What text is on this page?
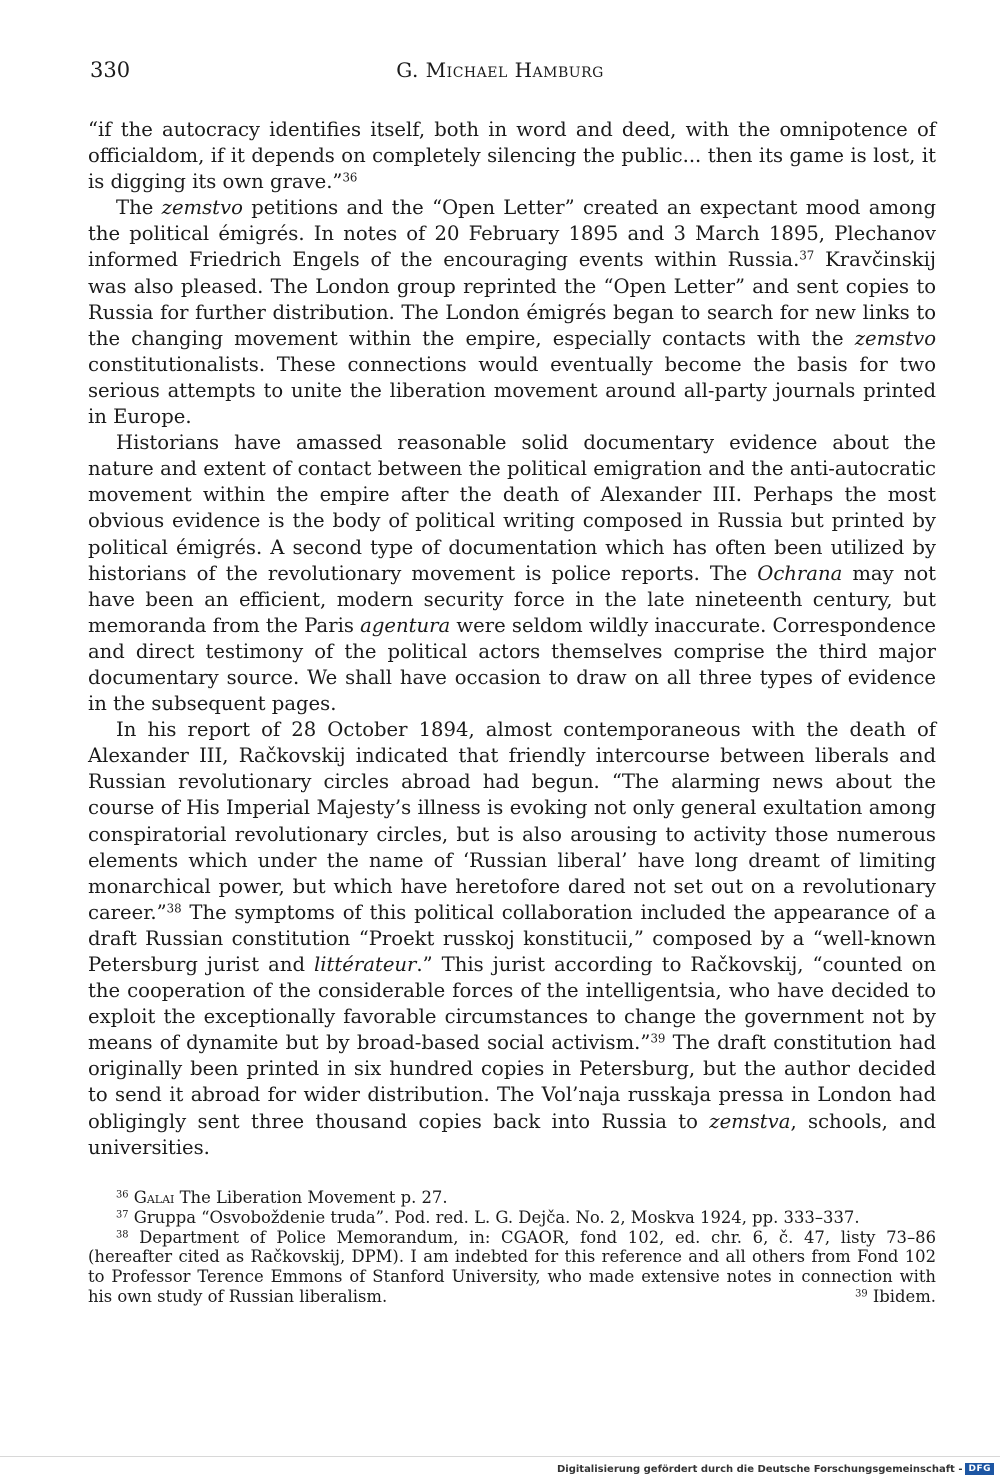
330	G. Michael Hamburg

“if the autocracy identifies itself, both in word and deed, with the omnipotence of officialdom, if it depends on completely silencing the public... then its game is lost, it is digging its own grave.”$^{36}$

The zemstvo petitions and the “Open Letter” created an expectant mood among the political émigrés. In notes of 20 February 1895 and 3 March 1895, Plechanov informed Friedrich Engels of the encouraging events within Russia.$^{37}$ Kravčinskij was also pleased. The London group reprinted the “Open Letter” and sent copies to Russia for further distribution. The London émigrés began to search for new links to the changing movement within the empire, especially contacts with the zemstvo constitutionalists. These connections would eventually become the basis for two serious attempts to unite the liberation movement around all-party journals printed in Europe.

Historians have amassed reasonable solid documentary evidence about the nature and extent of contact between the political emigration and the anti-autocratic movement within the empire after the death of Alexander III. Perhaps the most obvious evidence is the body of political writing composed in Russia but printed by political émigrés. A second type of documentation which has often been utilized by historians of the revolutionary movement is police reports. The Ochrana may not have been an efficient, modern security force in the late nineteenth century, but memoranda from the Paris agentura were seldom wildly inaccurate. Correspondence and direct testimony of the political actors themselves comprise the third major documentary source. We shall have occasion to draw on all three types of evidence in the subsequent pages.

In his report of 28 October 1894, almost contemporaneous with the death of Alexander III, Račkovskij indicated that friendly intercourse between liberals and Russian revolutionary circles abroad had begun. “The alarming news about the course of His Imperial Majesty’s illness is evoking not only general exultation among conspiratorial revolutionary circles, but is also arousing to activity those numerous elements which under the name of ‘Russian liberal’ have long dreamt of limiting monarchical power, but which have heretofore dared not set out on a revolutionary career.”$^{38}$ The symptoms of this political collaboration included the appearance of a draft Russian constitution “Proekt russkoj konstitucii,” composed by a “well-known Petersburg jurist and littérateur.” This jurist according to Račkovskij, “counted on the cooperation of the considerable forces of the intelligentsia, who have decided to exploit the exceptionally favorable circumstances to change the government not by means of dynamite but by broad-based social activism.”$^{39}$ The draft constitution had originally been printed in six hundred copies in Petersburg, but the author decided to send it abroad for wider distribution. The Vol’naja russkaja pressa in London had obligingly sent three thousand copies back into Russia to zemstva, schools, and universities.

$^{36}$ Galai The Liberation Movement p. 27.

$^{37}$ Gruppa “Osvoboždenie truda”. Pod. red. L. G. Dejča. No. 2, Moskva 1924, pp. 333–337.

$^{38}$ Department of Police Memorandum, in: CGAOR, fond 102, ed. chr. 6, č. 47, listy 73–86 (hereafter cited as Račkovskij, DPM). I am indebted for this reference and all others from Fond 102 to Professor Terence Emmons of Stanford University, who made extensive notes in connection with his own study of Russian liberalism.	$^{39}$ Ibidem.

Digitalisierung gefördert durch die Deutsche Forschungsgemeinschaft - DFG
